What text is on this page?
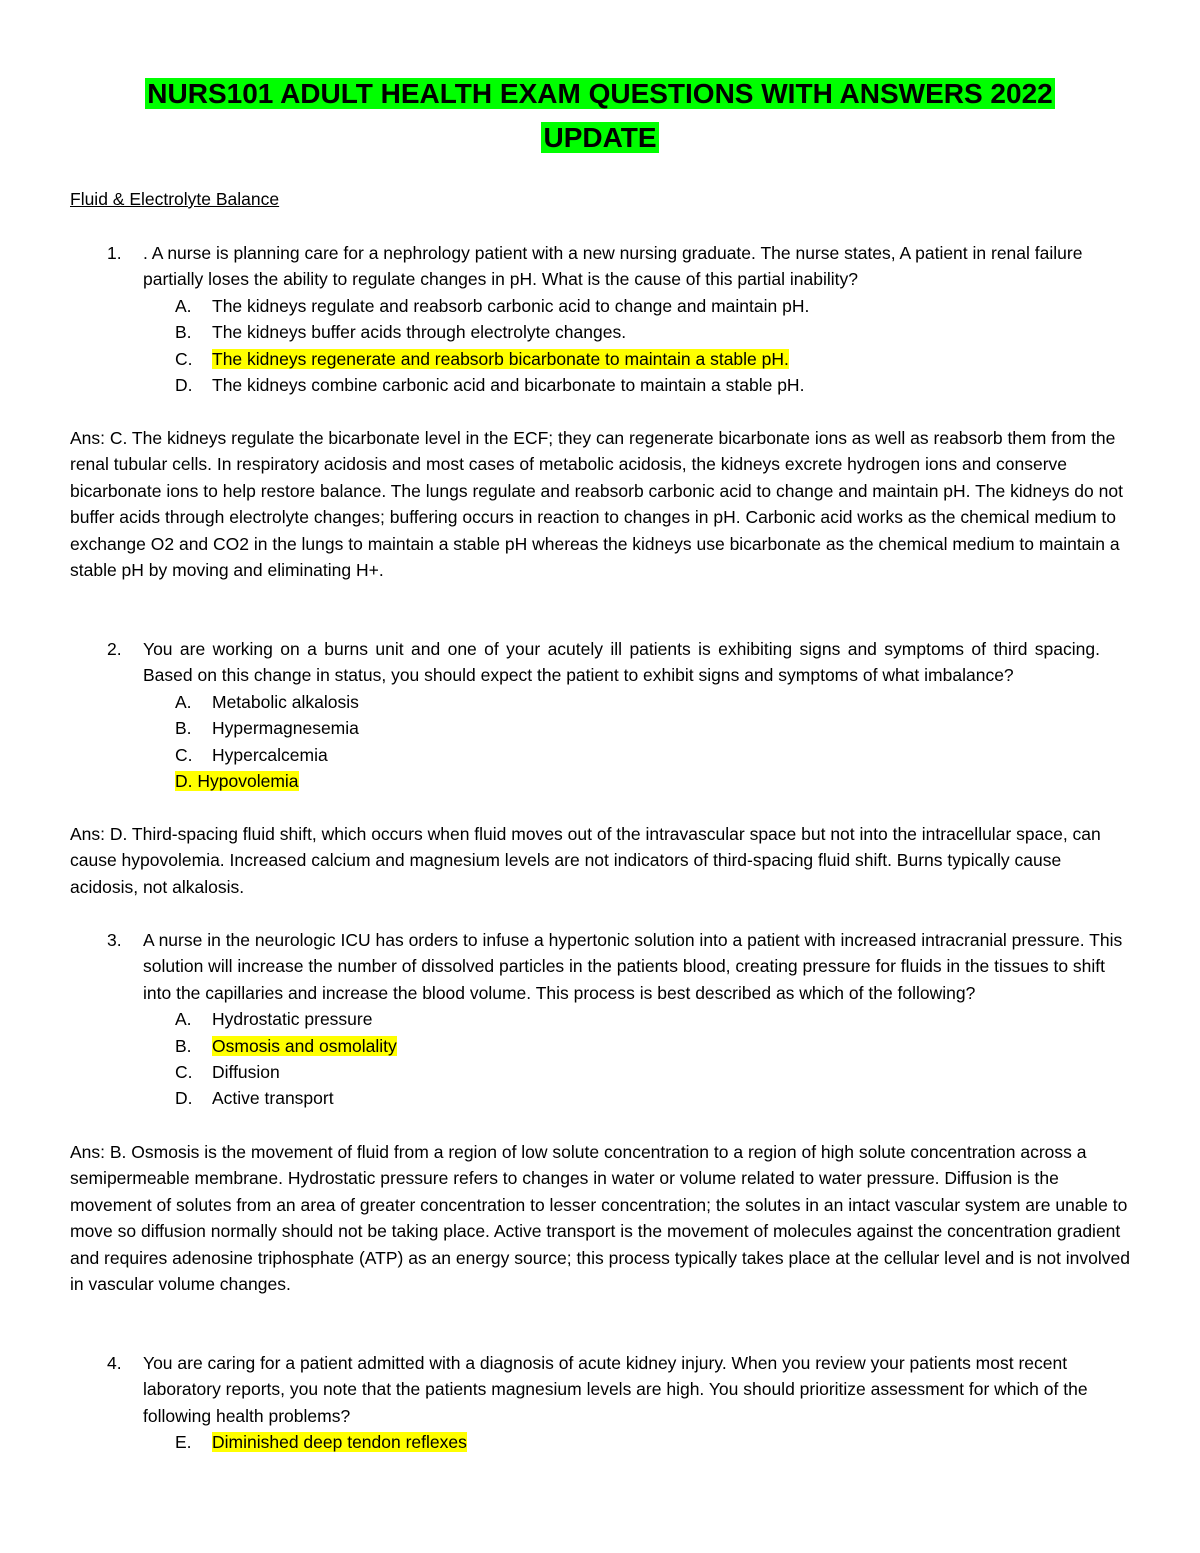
NURS101 ADULT HEALTH EXAM QUESTIONS WITH ANSWERS 2022
UPDATE
Fluid & Electrolyte Balance
1. . A nurse is planning care for a nephrology patient with a new nursing graduate. The nurse states, A patient in renal failure partially loses the ability to regulate changes in pH. What is the cause of this partial inability?
A. The kidneys regulate and reabsorb carbonic acid to change and maintain pH.
B. The kidneys buffer acids through electrolyte changes.
C. The kidneys regenerate and reabsorb bicarbonate to maintain a stable pH.
D. The kidneys combine carbonic acid and bicarbonate to maintain a stable pH.
Ans: C. The kidneys regulate the bicarbonate level in the ECF; they can regenerate bicarbonate ions as well as reabsorb them from the renal tubular cells. In respiratory acidosis and most cases of metabolic acidosis, the kidneys excrete hydrogen ions and conserve bicarbonate ions to help restore balance. The lungs regulate and reabsorb carbonic acid to change and maintain pH. The kidneys do not buffer acids through electrolyte changes; buffering occurs in reaction to changes in pH. Carbonic acid works as the chemical medium to exchange O2 and CO2 in the lungs to maintain a stable pH whereas the kidneys use bicarbonate as the chemical medium to maintain a stable pH by moving and eliminating H+.
2. You are working on a burns unit and one of your acutely ill patients is exhibiting signs and symptoms of third spacing. Based on this change in status, you should expect the patient to exhibit signs and symptoms of what imbalance?
A. Metabolic alkalosis
B. Hypermagnesemia
C. Hypercalcemia
D. Hypovolemia
Ans: D. Third-spacing fluid shift, which occurs when fluid moves out of the intravascular space but not into the intracellular space, can cause hypovolemia. Increased calcium and magnesium levels are not indicators of third-spacing fluid shift. Burns typically cause acidosis, not alkalosis.
3. A nurse in the neurologic ICU has orders to infuse a hypertonic solution into a patient with increased intracranial pressure. This solution will increase the number of dissolved particles in the patients blood, creating pressure for fluids in the tissues to shift into the capillaries and increase the blood volume. This process is best described as which of the following?
A. Hydrostatic pressure
B. Osmosis and osmolality
C. Diffusion
D. Active transport
Ans: B. Osmosis is the movement of fluid from a region of low solute concentration to a region of high solute concentration across a semipermeable membrane. Hydrostatic pressure refers to changes in water or volume related to water pressure. Diffusion is the movement of solutes from an area of greater concentration to lesser concentration; the solutes in an intact vascular system are unable to move so diffusion normally should not be taking place. Active transport is the movement of molecules against the concentration gradient and requires adenosine triphosphate (ATP) as an energy source; this process typically takes place at the cellular level and is not involved in vascular volume changes.
4. You are caring for a patient admitted with a diagnosis of acute kidney injury. When you review your patients most recent laboratory reports, you note that the patients magnesium levels are high. You should prioritize assessment for which of the following health problems?
E. Diminished deep tendon reflexes
